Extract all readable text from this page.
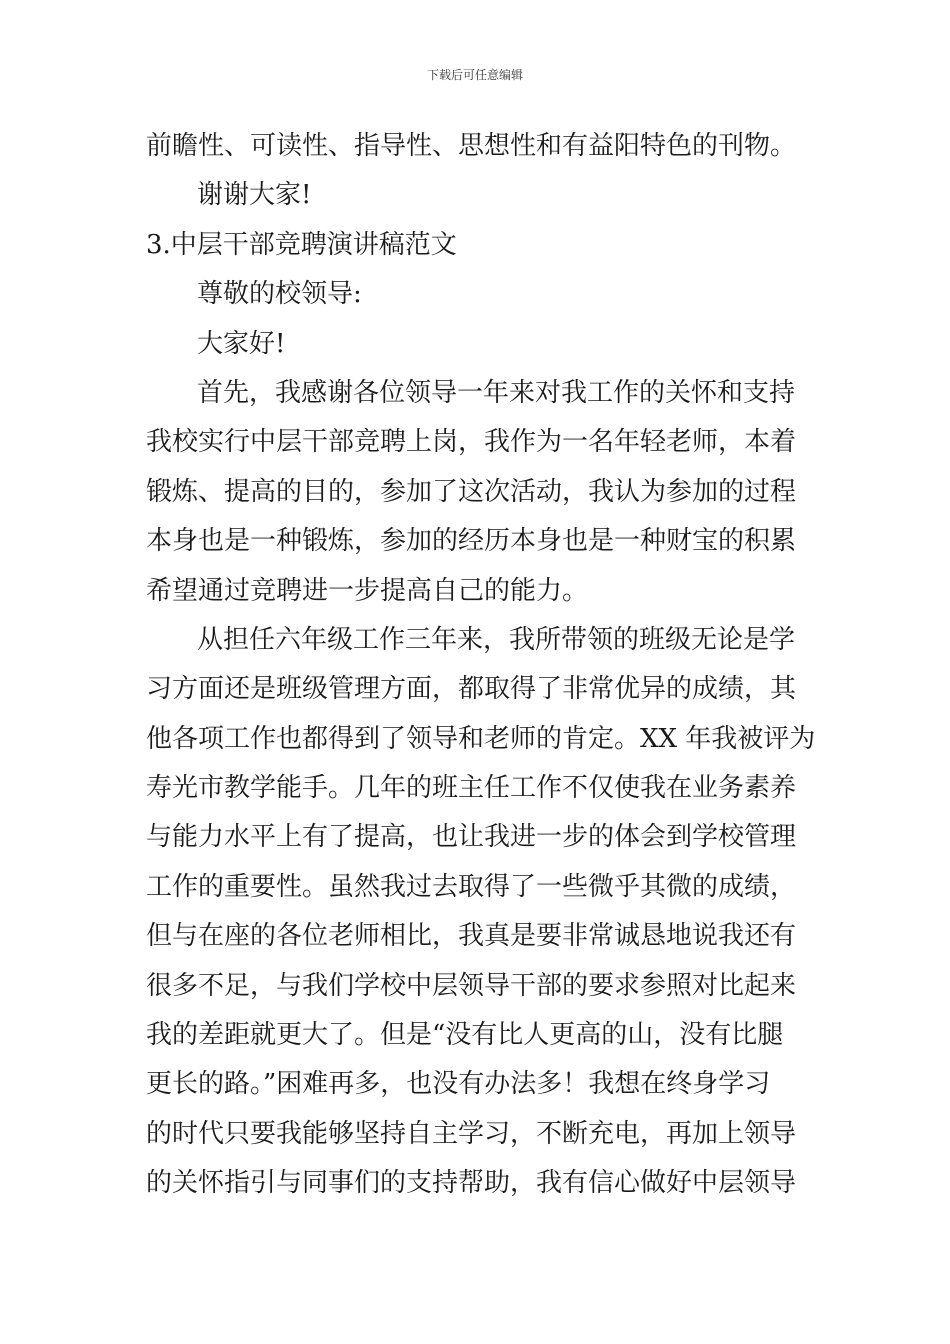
下载后可任意编辑
前瞻性、可读性、指导性、思想性和有益阳特色的刊物。
谢谢大家!
3.中层干部竞聘演讲稿范文
尊敬的校领导:
大家好!
首先，我感谢各位领导一年来对我工作的关怀和支持
我校实行中层干部竞聘上岗，我作为一名年轻老师，本着
锻炼、提高的目的，参加了这次活动，我认为参加的过程
本身也是一种锻炼，参加的经历本身也是一种财宝的积累
希望通过竞聘进一步提高自己的能力。
从担任六年级工作三年来，我所带领的班级无论是学
习方面还是班级管理方面，都取得了非常优异的成绩，其
他各项工作也都得到了领导和老师的肯定。XX 年我被评为
寿光市教学能手。几年的班主任工作不仅使我在业务素养
与能力水平上有了提高，也让我进一步的体会到学校管理
工作的重要性。虽然我过去取得了一些微乎其微的成绩，
但与在座的各位老师相比，我真是要非常诚恳地说我还有
很多不足，与我们学校中层领导干部的要求参照对比起来
我的差距就更大了。但是“没有比人更高的山，没有比腿
更长的路。”困难再多，也没有办法多！我想在终身学习
的时代只要我能够坚持自主学习，不断充电，再加上领导
的关怀指引与同事们的支持帮助，我有信心做好中层领导
